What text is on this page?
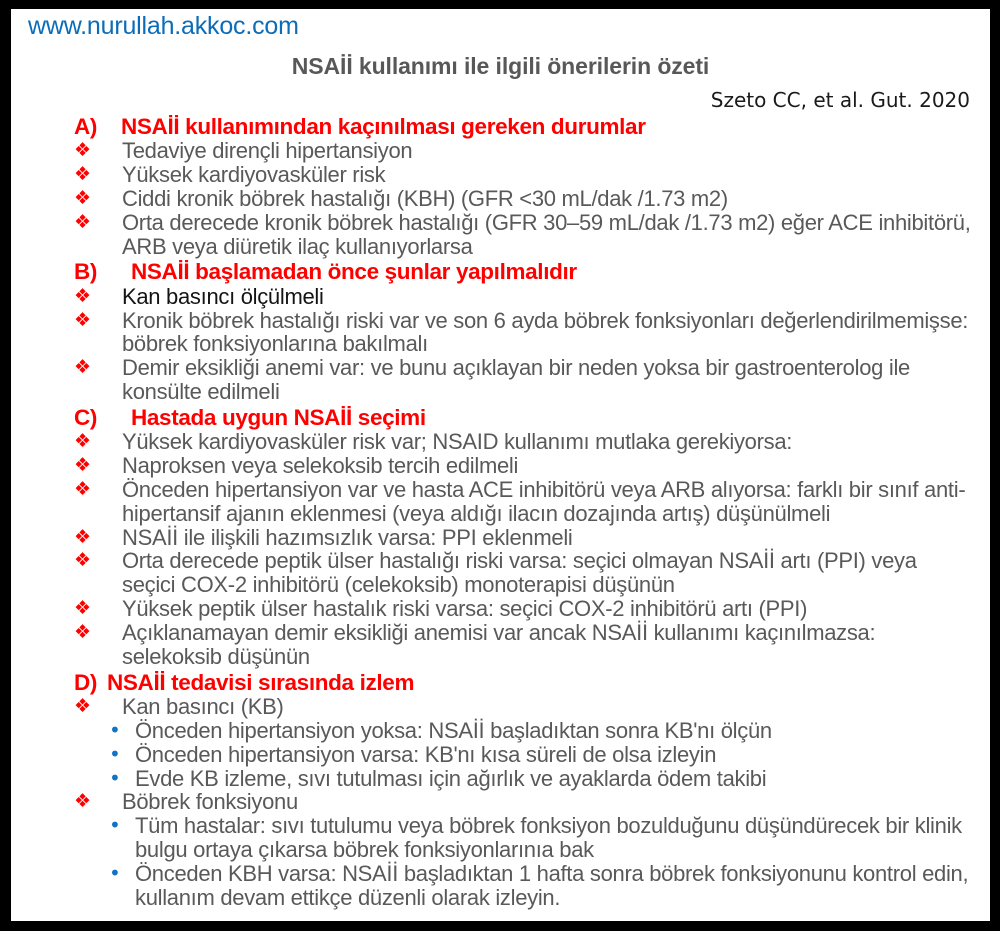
www.nurullah.akkoc.com
NSAİİ kullanımı ile ilgili önerilerin özeti
Szeto CC, et al. Gut. 2020
A)	NSAİİ kullanımından kaçınılması gereken durumlar
❖	Tedaviye dirençli hipertansiyon
❖	Yüksek kardiyovasküler risk
❖	Ciddi kronik böbrek hastalığı (KBH) (GFR <30 mL/dak /1.73 m2)
❖	Orta derecede kronik böbrek hastalığı (GFR 30–59 mL/dak /1.73 m2) eğer ACE inhibitörü, ARB veya diüretik ilaç kullanıyorlarsa
B)	NSAİİ başlamadan önce şunlar yapılmalıdır
❖	Kan basıncı ölçülmeli
❖	Kronik böbrek hastalığı riski var ve son 6 ayda böbrek fonksiyonları değerlendirilmemişse: böbrek fonksiyonlarına bakılmalı
❖	Demir eksikliği anemi var: ve bunu açıklayan bir neden yoksa bir gastroenterolog ile konsülte edilmeli
C)	Hastada uygun NSAİİ seçimi
❖	Yüksek kardiyovasküler risk var; NSAID kullanımı mutlaka gerekiyorsa:
❖	Naproksen veya selekoksib tercih edilmeli
❖	Önceden hipertansiyon var ve hasta ACE inhibitörü veya ARB alıyorsa: farklı bir sınıf anti-hipertansif ajanın eklenmesi (veya aldığı ilacın dozajında artış) düşünülmeli
❖	NSAİİ ile ilişkili hazımsızlık varsa: PPI eklenmeli
❖	Orta derecede peptik ülser hastalığı riski varsa: seçici olmayan NSAİİ artı (PPI) veya seçici COX-2 inhibitörü (celekoksib) monoterapisi düşünün
❖	Yüksek peptik ülser hastalık riski varsa: seçici COX-2 inhibitörü artı (PPI)
❖	Açıklanamayan demir eksikliği anemisi var ancak NSAİİ kullanımı kaçınılmazsa: selekoksib düşünün
D) NSAİİ tedavisi sırasında izlem
❖	Kan basıncı (KB)
• Önceden hipertansiyon yoksa: NSAİİ başladıktan sonra KB'nı ölçün
• Önceden hipertansiyon varsa: KB'nı kısa süreli de olsa izleyin
• Evde KB izleme, sıvı tutulması için ağırlık ve ayaklarda ödem takibi
❖	Böbrek fonksiyonu
• Tüm hastalar: sıvı tutulumu veya böbrek fonksiyon bozulduğunu düşündürecek bir klinik bulgu ortaya çıkarsa böbrek fonksiyonlarınıa bak
• Önceden KBH varsa: NSAİİ başladıktan 1 hafta sonra böbrek fonksiyonunu kontrol edin, kullanım devam ettikçe düzenli olarak izleyin.
